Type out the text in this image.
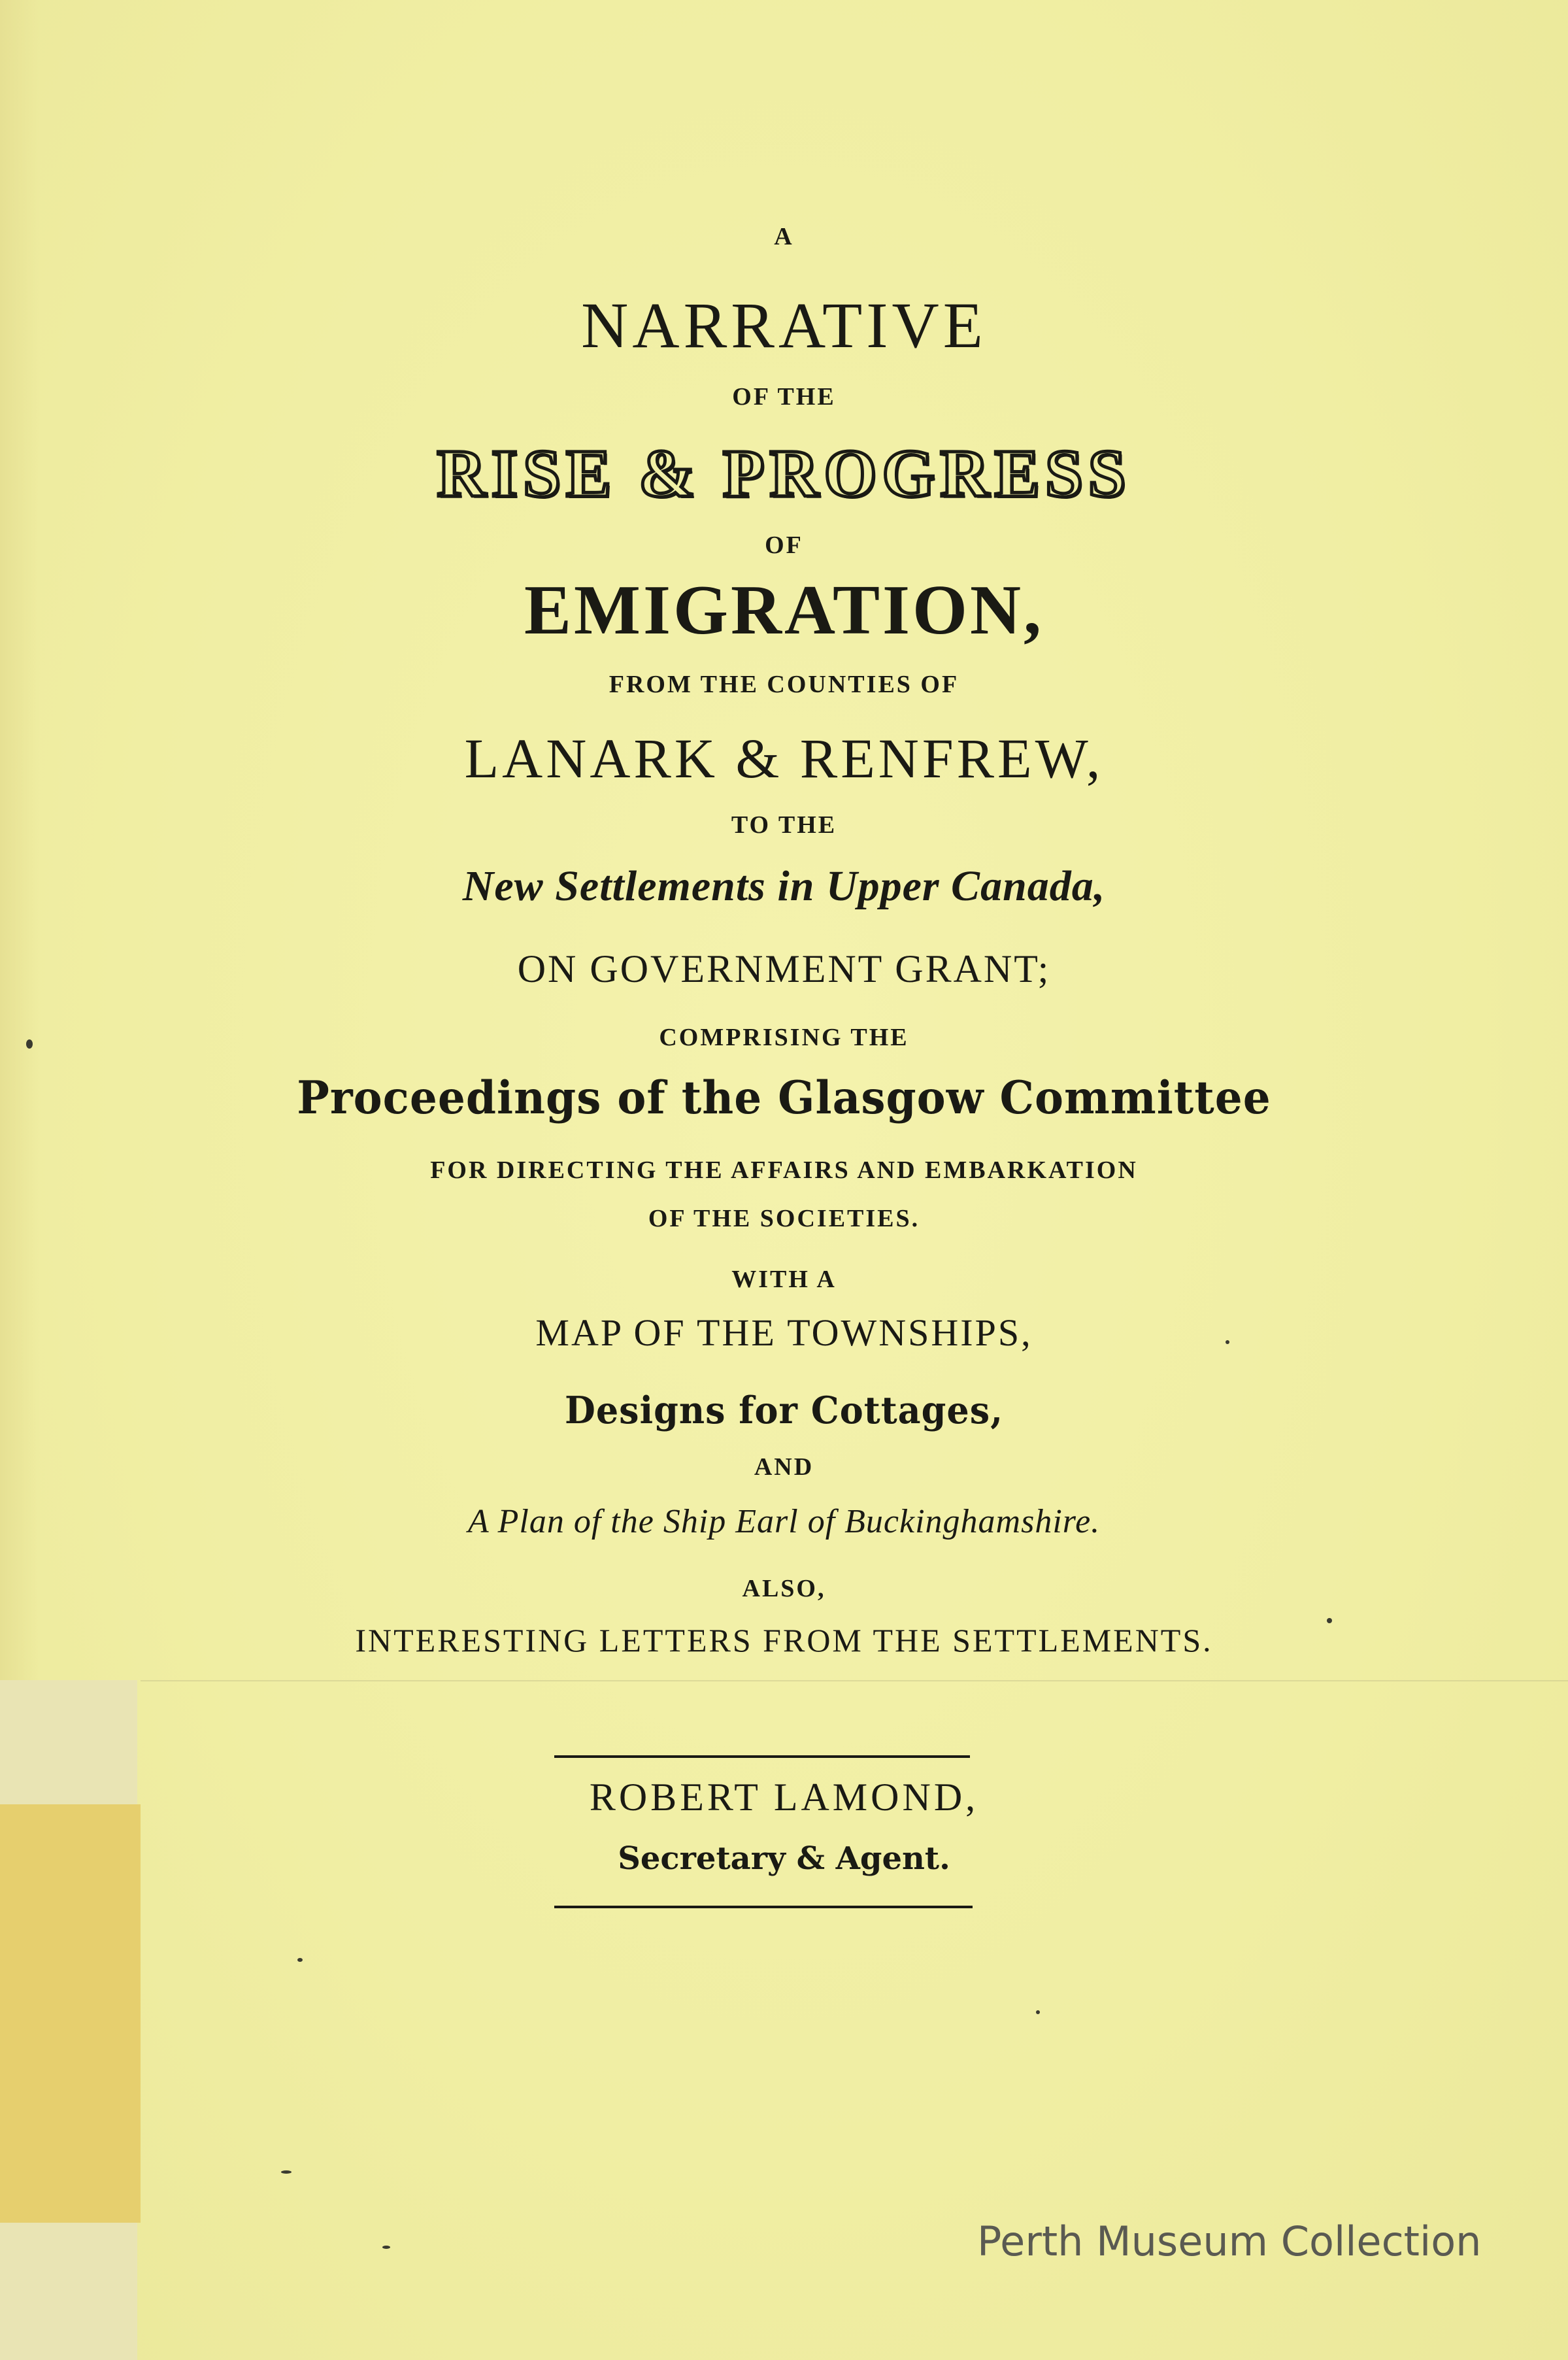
A

NARRATIVE

OF THE

RISE & PROGRESS

OF

EMIGRATION,

FROM THE COUNTIES OF

LANARK & RENFREW,

TO THE

New Settlements in Upper Canada,

ON GOVERNMENT GRANT;

COMPRISING THE

Proceedings of the Glasgow Committee

FOR DIRECTING THE AFFAIRS AND EMBARKATION

OF THE SOCIETIES.

WITH A

MAP OF THE TOWNSHIPS,

Designs for Cottages,

AND

A Plan of the Ship Earl of Buckinghamshire.

ALSO,

INTERESTING LETTERS FROM THE SETTLEMENTS.

ROBERT LAMOND,

Secretary & Agent.

Perth Museum Collection
